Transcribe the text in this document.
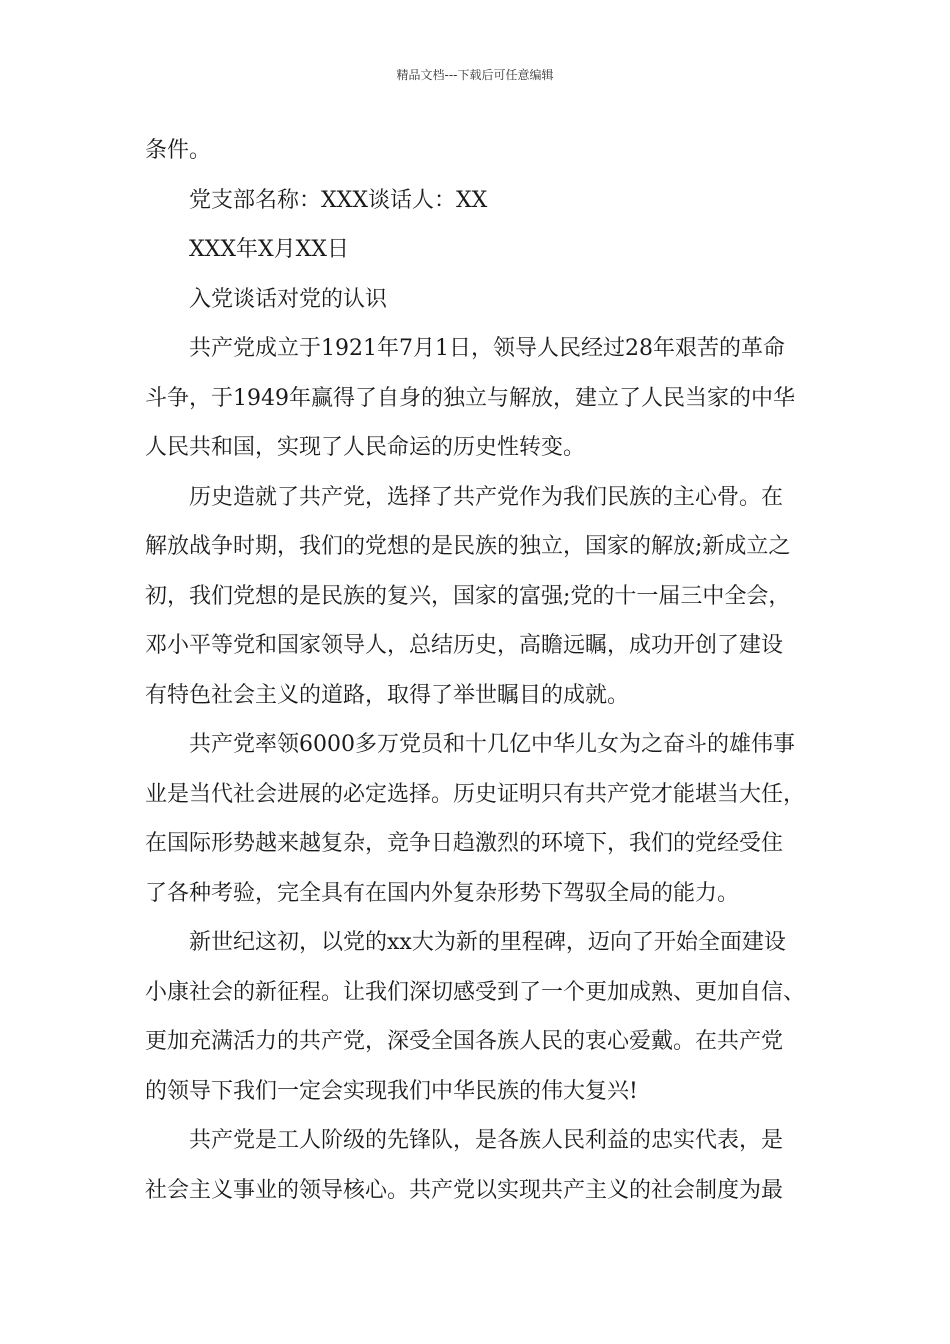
精品文档---下载后可任意编辑
条件。
党支部名称：XXX谈话人：XX
XXX年X月XX日
入党谈话对党的认识
共产党成立于1921年7月1日，领导人民经过28年艰苦的革命
斗争，于1949年赢得了自身的独立与解放，建立了人民当家的中华
人民共和国，实现了人民命运的历史性转变。
历史造就了共产党，选择了共产党作为我们民族的主心骨。在
解放战争时期，我们的党想的是民族的独立，国家的解放;新成立之
初，我们党想的是民族的复兴，国家的富强;党的十一届三中全会，
邓小平等党和国家领导人，总结历史，高瞻远瞩，成功开创了建设
有特色社会主义的道路，取得了举世瞩目的成就。
共产党率领6000多万党员和十几亿中华儿女为之奋斗的雄伟事
业是当代社会进展的必定选择。历史证明只有共产党才能堪当大任，
在国际形势越来越复杂，竞争日趋激烈的环境下，我们的党经受住
了各种考验，完全具有在国内外复杂形势下驾驭全局的能力。
新世纪这初，以党的xx大为新的里程碑，迈向了开始全面建设
小康社会的新征程。让我们深切感受到了一个更加成熟、更加自信、
更加充满活力的共产党，深受全国各族人民的衷心爱戴。在共产党
的领导下我们一定会实现我们中华民族的伟大复兴!
共产党是工人阶级的先锋队，是各族人民利益的忠实代表，是
社会主义事业的领导核心。共产党以实现共产主义的社会制度为最
